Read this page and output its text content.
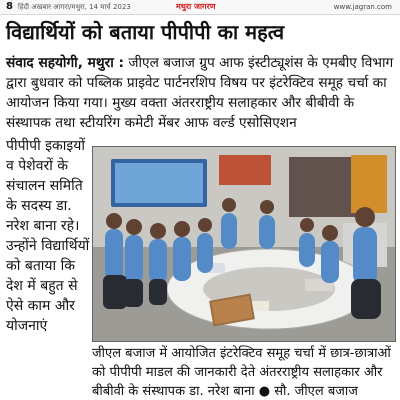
8 हिंदी अखबार आगरा/मथुरा, 14 मार्च 2023	मथुरा जागरण	www.jagran.com
विद्यार्थियों को बताया पीपीपी का महत्व

संवाद सहयोगी, मथुरा : जीएल बजाज ग्रुप आफ इंस्टीट्यूशंस के एमबीए विभाग द्वारा बुधवार को पब्लिक प्राइवेट पार्टनरशिप विषय पर इंटरेक्टिव समूह चर्चा का आयोजन किया गया। मुख्य वक्ता अंतरराष्ट्रीय सलाहकार और बीबीवी के संस्थापक तथा स्टीयरिंग कमेटी मेंबर आफ वर्ल्ड एसोसिएशन

पीपीपी इकाइयों व पेशेवरों के संचालन समिति के सदस्य डा. नरेश बाना रहे। उन्होंने विद्यार्थियों को बताया कि देश में बहुत से ऐसे काम और योजनाएं

जीएल बजाज में आयोजित इंटरेक्टिव समूह चर्चा में छात्र-छात्राओं को पीपीपी माडल की जानकारी देते अंतरराष्ट्रीय सलाहकार और बीबीवी के संस्थापक डा. नरेश बाना ● सौ. जीएल बजाज
